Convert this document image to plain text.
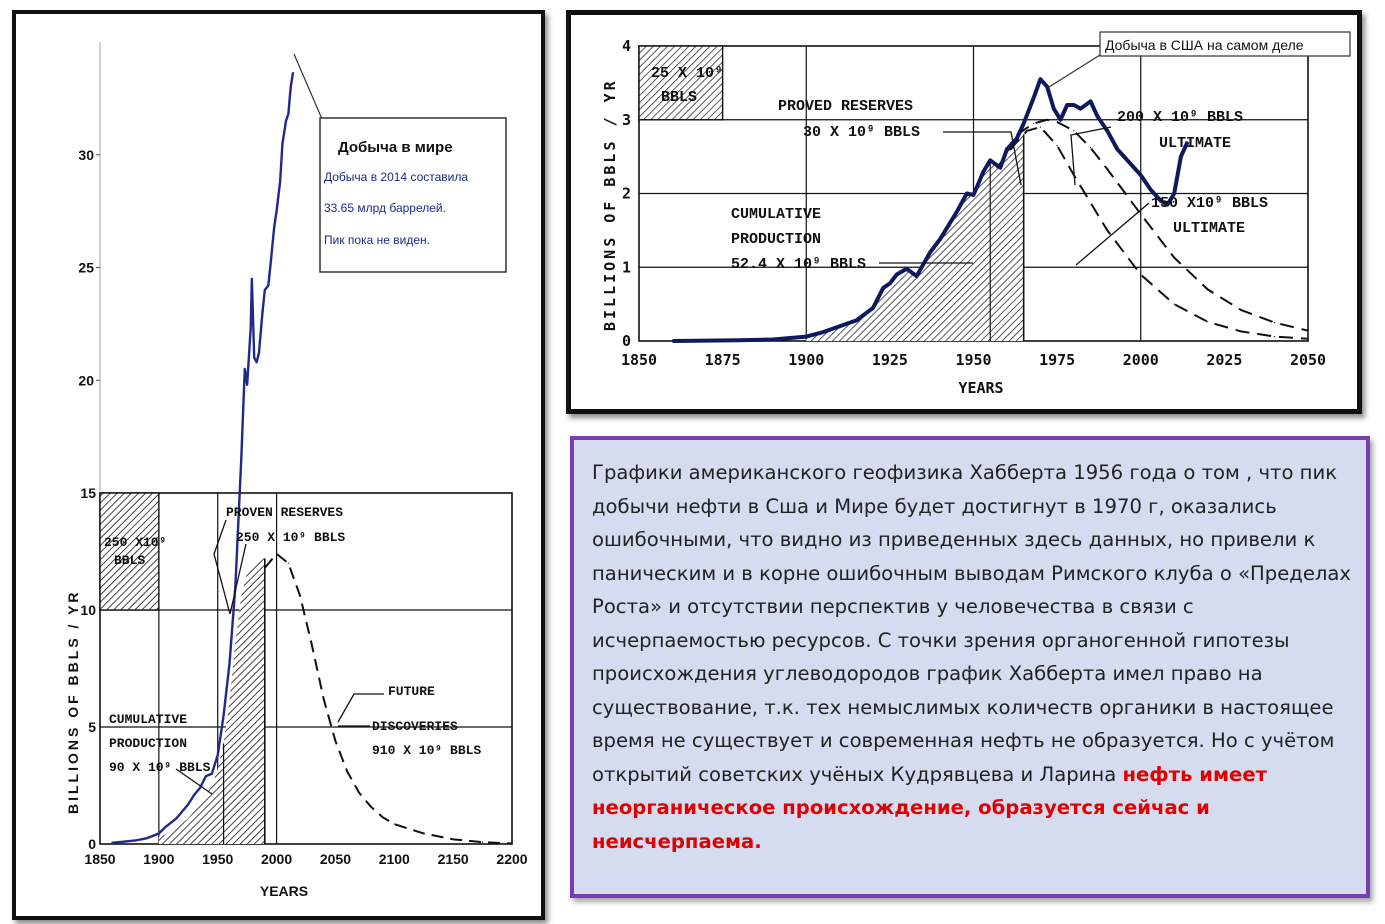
1850 1900 1950 2000 2050 2100 2150 2200
0
5
10
15
20
25
30
250 X10⁹
BBLS
PROVEN RESERVES
250 X 10⁹ BBLS
CUMULATIVE
PRODUCTION
90 X 10⁹ BBLS
FUTURE
DISCOVERIES
910 X 10⁹ BBLS
Добыча в мире
Добыча в 2014 составила
33.65 млрд баррелей.
Пик пока не виден.
YEARS
BILLIONS OF BBLS / YR
1850	1875	1900	1925	1950	1975	2000	2025	2050
0
1
2
3
4
25 X 10⁹
BBLS
PROVED RESERVES
30 X 10⁹ BBLS
CUMULATIVE
PRODUCTION
52.4 X 10⁹ BBLS
200 X 10⁹ BBLS
ULTIMATE
150 X10⁹ BBLS
ULTIMATE
Добыча в США на самом деле
YEARS
BILLIONS OF BBLS / YR
Графики американского геофизика Хабберта 1956 года о том , что пик добычи нефти в Сша и Мире будет достигнут в 1970 г, оказались ошибочными, что видно из приведенных здесь данных, но привели к паническим и в корне ошибочным выводам Римского клуба о «Пределах Роста» и отсутствии перспектив у человечества в связи с исчерпаемостью ресурсов. С точки зрения органогенной гипотезы происхождения углеводородов график Хабберта имел право на существование, т.к. тех немыслимых количеств органики в настоящее время не существует и современная нефть не образуется. Но с учётом открытий советских учёных Кудрявцева и Ларина нефть имеет неорганическое происхождение, образуется сейчас и неисчерпаема.
